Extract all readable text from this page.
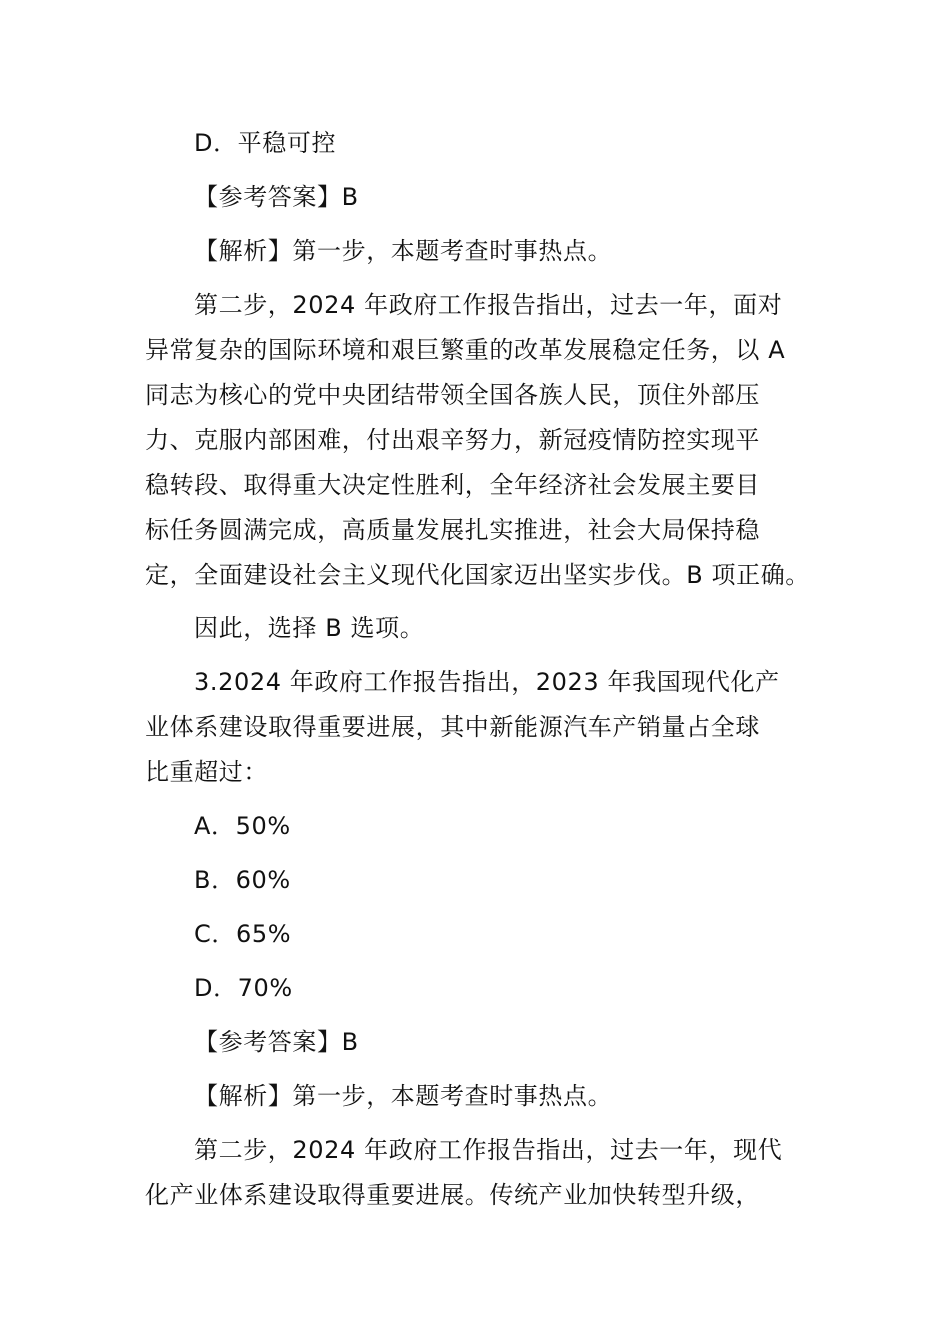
D．平稳可控
【参考答案】B
【解析】第一步，本题考查时事热点。
第二步，2024 年政府工作报告指出，过去一年，面对
异常复杂的国际环境和艰巨繁重的改革发展稳定任务，以 A
同志为核心的党中央团结带领全国各族人民，顶住外部压
力、克服内部困难，付出艰辛努力，新冠疫情防控实现平
稳转段、取得重大决定性胜利，全年经济社会发展主要目
标任务圆满完成，高质量发展扎实推进，社会大局保持稳
定，全面建设社会主义现代化国家迈出坚实步伐。B 项正确。
因此，选择 B 选项。
3.2024 年政府工作报告指出，2023 年我国现代化产
业体系建设取得重要进展，其中新能源汽车产销量占全球
比重超过：
A．50%
B．60%
C．65%
D．70%
【参考答案】B
【解析】第一步，本题考查时事热点。
第二步，2024 年政府工作报告指出，过去一年，现代
化产业体系建设取得重要进展。传统产业加快转型升级，
